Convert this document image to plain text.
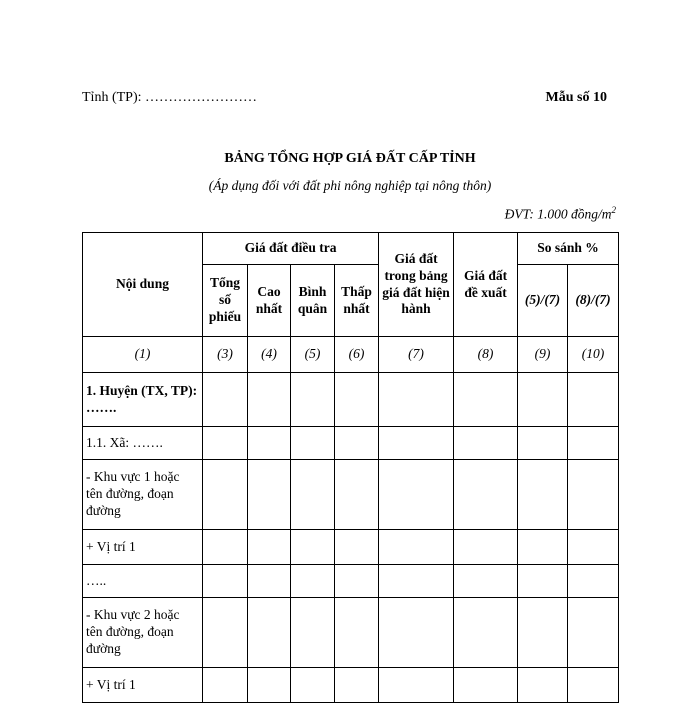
Tỉnh (TP): ……………………	Mẫu số 10
BẢNG TỔNG HỢP GIÁ ĐẤT CẤP TỈNH
(Áp dụng đối với đất phi nông nghiệp tại nông thôn)
ĐVT: 1.000 đồng/$m^2$
Nội dung	Giá đất điều tra				Giá đất trong bảng giá đất hiện hành	Giá đất đề xuất	So sánh %	
	Tổng số phiếu	Cao nhất	Bình quân	Thấp nhất			(5)/(7)	(8)/(7)
(1)	(3)	(4)	(5)	(6)	(7)	(8)	(9)	(10)
1. Huyện (TX, TP): …….								
1.1. Xã: …….								
- Khu vực 1 hoặc tên đường, đoạn đường								
+ Vị trí 1								
…..								
- Khu vực 2 hoặc tên đường, đoạn đường								
+ Vị trí 1								
